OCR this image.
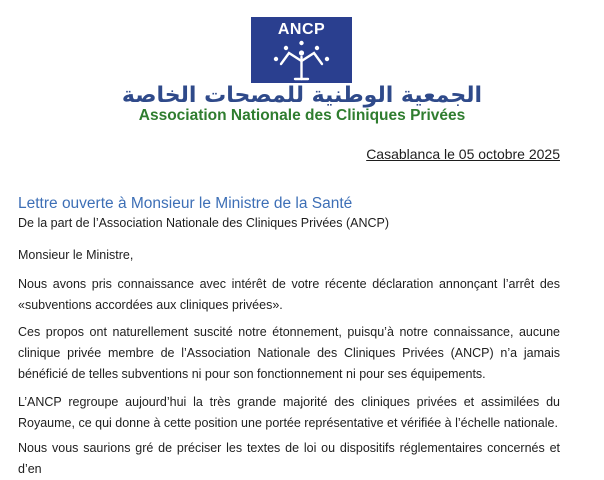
ANCP
الجمعية الوطنية للمصحات الخاصة
Association Nationale des Cliniques Privées
Casablanca le 05 octobre 2025
Lettre ouverte à Monsieur le Ministre de la Santé
De la part de l’Association Nationale des Cliniques Privées (ANCP)
Monsieur le Ministre,
Nous avons pris connaissance avec intérêt de votre récente déclaration annonçant l’arrêt des «subventions accordées aux cliniques privées».
Ces propos ont naturellement suscité notre étonnement, puisqu’à notre connaissance, aucune clinique privée membre de l’Association Nationale des Cliniques Privées (ANCP) n’a jamais bénéficié de telles subventions ni pour son fonctionnement ni pour ses équipements.
L’ANCP regroupe aujourd’hui la très grande majorité des cliniques privées et assimilées du Royaume, ce qui donne à cette position une portée représentative et vérifiée à l’échelle nationale.
Nous vous saurions gré de préciser les textes de loi ou dispositifs réglementaires concernés et d’en
